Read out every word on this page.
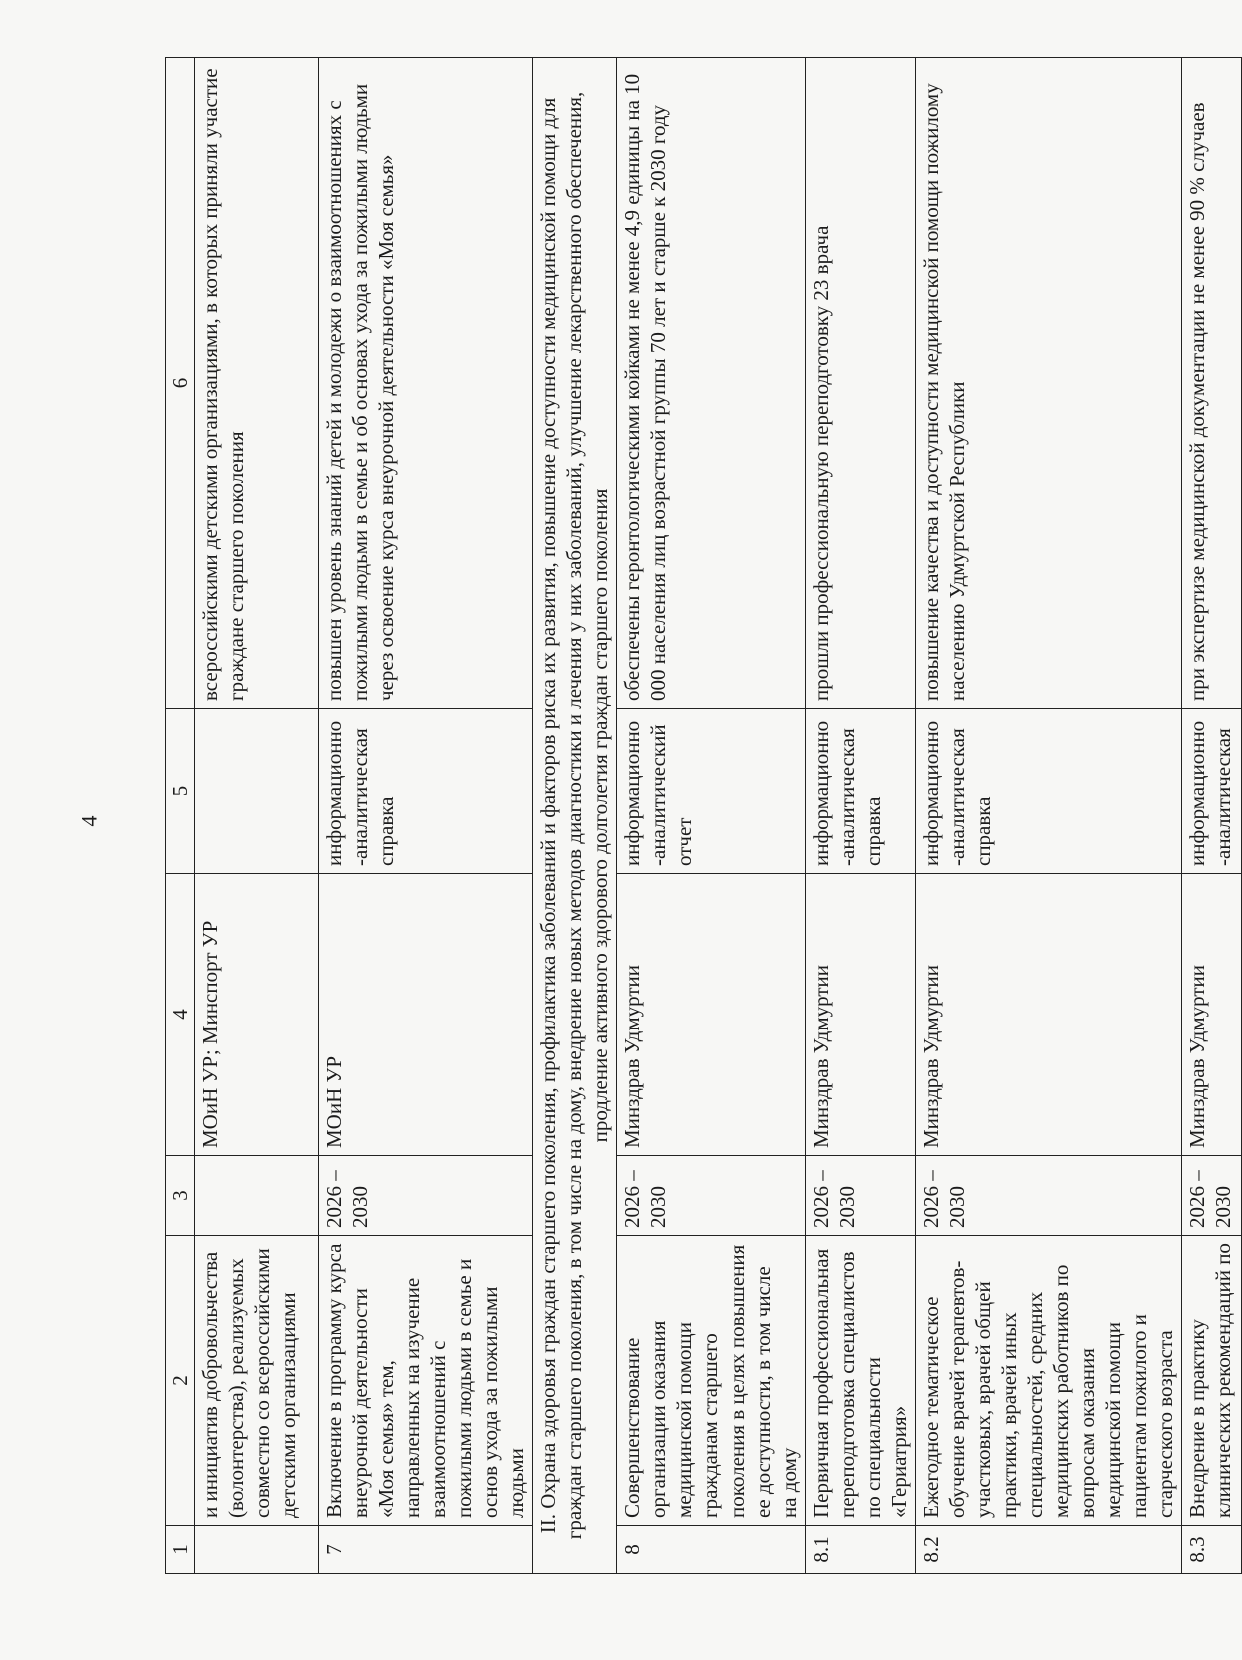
4
1	2	3	4	5	6
	и инициатив добровольчества (волонтерства), реализуемых совместно со всероссийскими детскими организациями		МОиН УР; Минспорт УР		всероссийскими детскими организациями, в которых приняли участие граждане старшего поколения
7	Включение в программу курса внеурочной деятельности «Моя семья» тем, направленных на изучение взаимоотношений с пожилыми людьми в семье и основ ухода за пожилыми людьми	2026 – 2030	МОиН УР	информационно-аналитическая справка	повышен уровень знаний детей и молодежи о взаимоотношениях с пожилыми людьми в семье и об основах ухода за пожилыми людьми через освоение курса внеурочной деятельности «Моя семья»
II. Охрана здоровья граждан старшего поколения, профилактика заболеваний и факторов риска их развития, повышение доступности медицинской помощи для граждан старшего поколения, в том числе на дому, внедрение новых методов диагностики и лечения у них заболеваний, улучшение лекарственного обеспечения, продление активного здорового долголетия граждан старшего поколения					
8	Совершенствование организации оказания медицинской помощи гражданам старшего поколения в целях повышения ее доступности, в том числе на дому	2026 – 2030	Минздрав Удмуртии	информационно-аналитический отчет	обеспечены геронтологическими койками не менее 4,9 единицы на 10 000 населения лиц возрастной группы 70 лет и старше к 2030 году
8.1	Первичная профессиональная переподготовка специалистов по специальности «Гериатрия»	2026 – 2030	Минздрав Удмуртии	информационно-аналитическая справка	прошли профессиональную переподготовку 23 врача
8.2	Ежегодное тематическое обучение врачей терапевтов-участковых, врачей общей практики, врачей иных специальностей, средних медицинских работников по вопросам оказания медицинской помощи пациентам пожилого и старческого возраста	2026 – 2030	Минздрав Удмуртии	информационно-аналитическая справка	повышение качества и доступности медицинской помощи пожилому населению Удмуртской Республики
8.3	Внедрение в практику клинических рекомендаций по	2026 – 2030	Минздрав Удмуртии	информационно-аналитическая	при экспертизе медицинской документации не менее 90 % случаев
